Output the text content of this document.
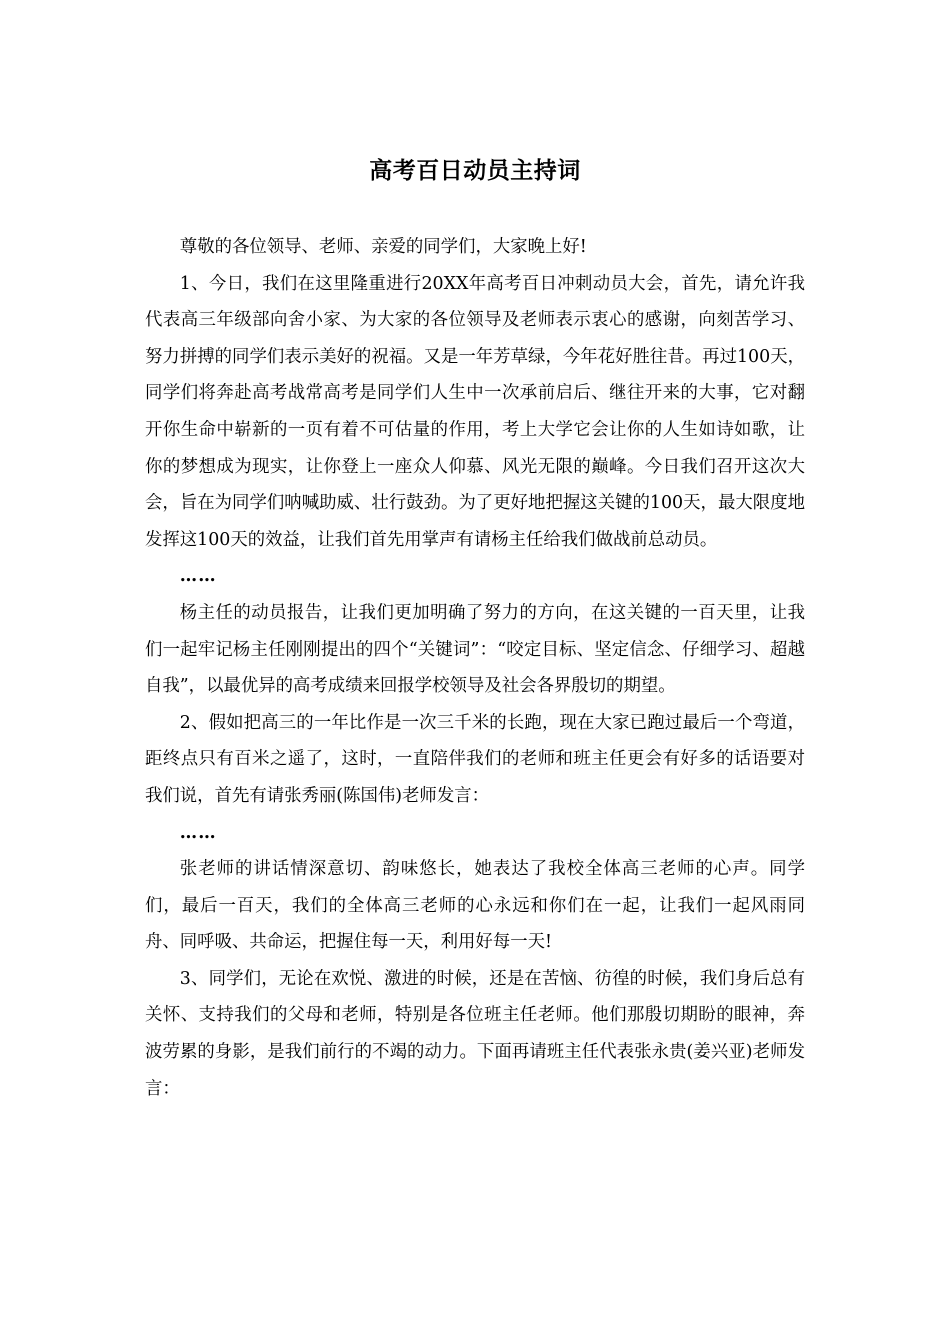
高考百日动员主持词

尊敬的各位领导、老师、亲爱的同学们，大家晚上好!

1、今日，我们在这里隆重进行20XX年高考百日冲刺动员大会，首先，请允许我代表高三年级部向舍小家、为大家的各位领导及老师表示衷心的感谢，向刻苦学习、努力拼搏的同学们表示美好的祝福。又是一年芳草绿，今年花好胜往昔。再过100天，同学们将奔赴高考战常高考是同学们人生中一次承前启后、继往开来的大事，它对翻开你生命中崭新的一页有着不可估量的作用，考上大学它会让你的人生如诗如歌，让你的梦想成为现实，让你登上一座众人仰慕、风光无限的巅峰。今日我们召开这次大会，旨在为同学们呐喊助威、壮行鼓劲。为了更好地把握这关键的100天，最大限度地发挥这100天的效益，让我们首先用掌声有请杨主任给我们做战前总动员。

……

杨主任的动员报告，让我们更加明确了努力的方向，在这关键的一百天里，让我们一起牢记杨主任刚刚提出的四个“关键词”：“咬定目标、坚定信念、仔细学习、超越自我”，以最优异的高考成绩来回报学校领导及社会各界殷切的期望。

2、假如把高三的一年比作是一次三千米的长跑，现在大家已跑过最后一个弯道，距终点只有百米之遥了，这时，一直陪伴我们的老师和班主任更会有好多的话语要对我们说，首先有请张秀丽(陈国伟)老师发言：

……

张老师的讲话情深意切、韵味悠长，她表达了我校全体高三老师的心声。同学们，最后一百天，我们的全体高三老师的心永远和你们在一起，让我们一起风雨同舟、同呼吸、共命运，把握住每一天，利用好每一天!

3、同学们，无论在欢悦、激进的时候，还是在苦恼、彷徨的时候，我们身后总有关怀、支持我们的父母和老师，特别是各位班主任老师。他们那殷切期盼的眼神，奔波劳累的身影，是我们前行的不竭的动力。下面再请班主任代表张永贵(姜兴亚)老师发言：
